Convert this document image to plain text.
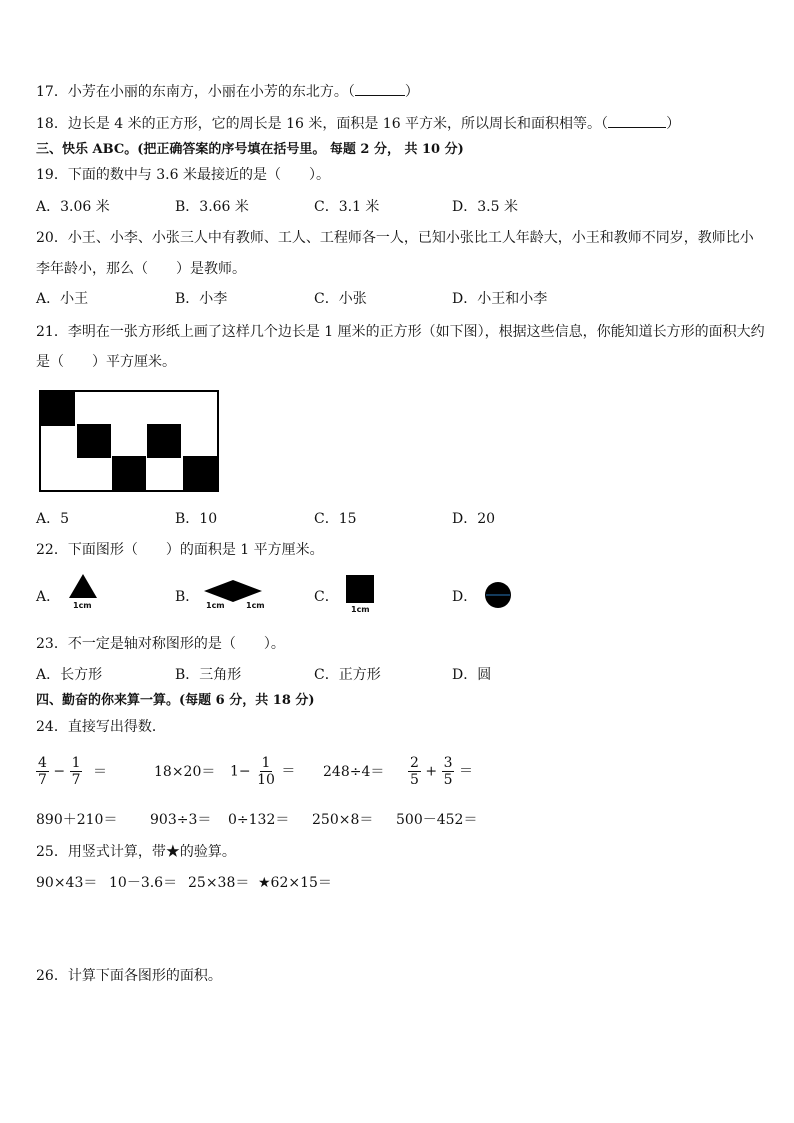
17．小芳在小丽的东南方，小丽在小芳的东北方。（	）
18．边长是 4 米的正方形，它的周长是 16 米，面积是 16 平方米，所以周长和面积相等。（	）
三、快乐 ABC。(把正确答案的序号填在括号里。 每题 2 分， 共 10 分)
19．下面的数中与 3.6 米最接近的是（　　）。
A．3.06 米	B．3.66 米	C．3.1 米	D．3.5 米
20．小王、小李、小张三人中有教师、工人、工程师各一人，已知小张比工人年龄大，小王和教师不同岁，教师比小
李年龄小，那么（　　）是教师。
A．小王	B．小李	C．小张	D．小王和小李
21．李明在一张方形纸上画了这样几个边长是 1 厘米的正方形（如下图），根据这些信息，你能知道长方形的面积大约
是（　　）平方厘米。
A．5	B．10	C．15	D．20
22．下面图形（　　）的面积是 1 平方厘米。
A．
1cm
B．
1cm	1cm
C．
1cm
D．
23．不一定是轴对称图形的是（　　）。
A．长方形	B．三角形	C．正方形	D．圆
四、勤奋的你来算一算。(每题 6 分，共 18 分)
24．直接写出得数．
$\frac{4}{7} - \frac{1}{7}$ ＝	$18\times 20= 1- \frac{1}{10} = 248\div 4= \frac{2}{5} + \frac{3}{5}$ ＝
890＋210＝ 903÷3＝ 0÷132＝ 250×8＝ 500－452＝
25．用竖式计算，带★的验算。
90×43＝ 10－3.6＝ 25×38＝ ★62×15＝
26．计算下面各图形的面积。
